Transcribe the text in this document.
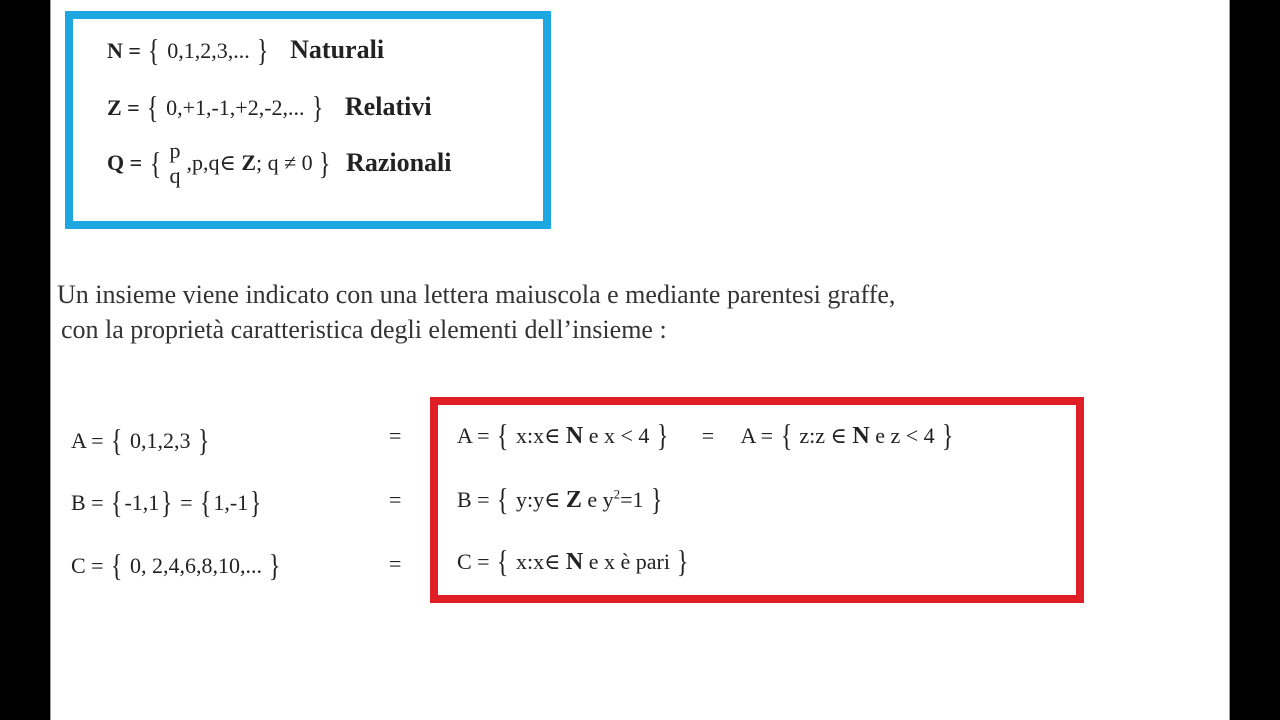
N = { 0,1,2,3,... } Naturali
Z = { 0,+1,-1,+2,-2,... } Relativi
Q = { p
q
,p,q∈ Z; q ≠ 0 } Razionali
Un insieme viene indicato con una lettera maiuscola e mediante parentesi graffe,
con la proprietà caratteristica degli elementi dell’insieme :
A = { 0,1,2,3 }
B = {-1,1} = {1,-1}
C = { 0, 2,4,6,8,10,... }
=
=
=
A = { x:x∈ N e x < 4 } = A = { z:z ∈ N e z < 4 }
B = { y:y∈ Z e $y^2=1$ }
C = { x:x∈ N e x è pari }
